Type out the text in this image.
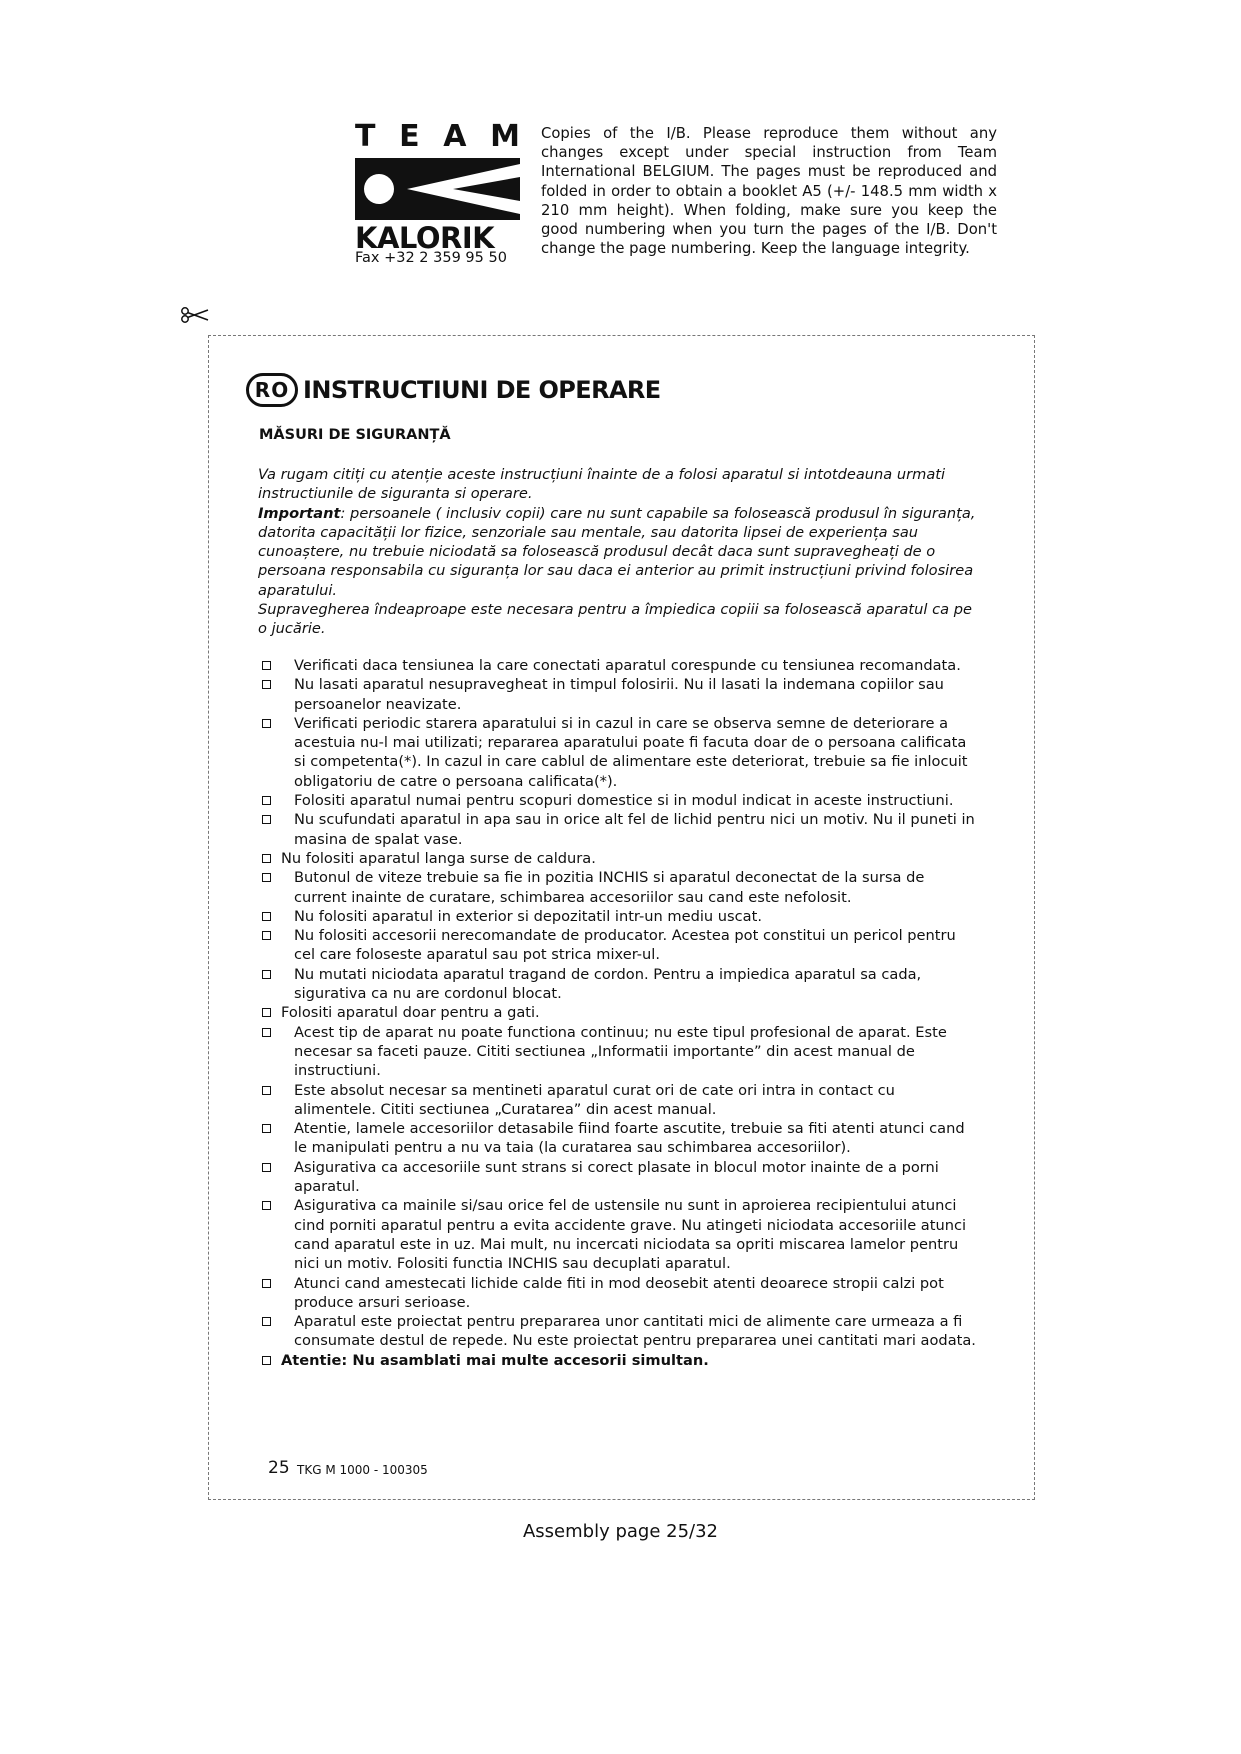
T E A M
KALORIK
Fax +32 2 359 95 50
Copies of the I/B. Please reproduce them without any changes except under special instruction from Team International BELGIUM. The pages must be reproduced and folded in order to obtain a booklet A5 (+/- 148.5 mm width x 210 mm height). When folding, make sure you keep the good numbering when you turn the pages of the I/B. Don't change the page numbering. Keep the language integrity.
RO INSTRUCTIUNI DE OPERARE
MĂSURI DE SIGURANȚĂ

Va rugam citiți cu atenție aceste instrucțiuni înainte de a folosi aparatul si intotdeauna urmati instructiunile de siguranta si operare.

Important: persoanele ( inclusiv copii) care nu sunt capabile sa folosească produsul în siguranța, datorita capacității lor fizice, senzoriale sau mentale, sau datorita lipsei de experiența sau cunoaștere, nu trebuie niciodată sa folosească produsul decât daca sunt supravegheați de o persoana responsabila cu siguranța lor sau daca ei anterior au primit instrucțiuni privind folosirea aparatului.

Supravegherea îndeaproape este necesara pentru a împiedica copiii sa folosească aparatul ca pe o jucărie.

Verificati daca tensiunea la care conectati aparatul corespunde cu tensiunea recomandata.
Nu lasati aparatul nesupravegheat in timpul folosirii. Nu il lasati la indemana copiilor sau persoanelor neavizate.
Verificati periodic starera aparatului si in cazul in care se observa semne de deteriorare a acestuia nu-l mai utilizati; repararea aparatului poate fi facuta doar de o persoana calificata si competenta(*). In cazul in care cablul de alimentare este deteriorat, trebuie sa fie inlocuit obligatoriu de catre o persoana calificata(*).
Folositi aparatul numai pentru scopuri domestice si in modul indicat in aceste instructiuni.
Nu scufundati aparatul in apa sau in orice alt fel de lichid pentru nici un motiv. Nu il puneti in masina de spalat vase.
Nu folositi aparatul langa surse de caldura.
Butonul de viteze trebuie sa fie in pozitia INCHIS si aparatul deconectat de la sursa de current inainte de curatare, schimbarea accesoriilor sau cand este nefolosit.
Nu folositi aparatul in exterior si depozitatil intr-un mediu uscat.
Nu folositi accesorii nerecomandate de producator. Acestea pot constitui un pericol pentru cel care foloseste aparatul sau pot strica mixer-ul.
Nu mutati niciodata aparatul tragand de cordon. Pentru a impiedica aparatul sa cada, sigurativa ca nu are cordonul blocat.
Folositi aparatul doar pentru a gati.
Acest tip de aparat nu poate functiona continuu; nu este tipul profesional de aparat. Este necesar sa faceti pauze. Cititi sectiunea „Informatii importante” din acest manual de instructiuni.
Este absolut necesar sa mentineti aparatul curat ori de cate ori intra in contact cu alimentele. Cititi sectiunea „Curatarea” din acest manual.
Atentie, lamele accesoriilor detasabile fiind foarte ascutite, trebuie sa fiti atenti atunci cand le manipulati pentru a nu va taia (la curatarea sau schimbarea accesoriilor).
Asigurativa ca accesoriile sunt strans si corect plasate in blocul motor inainte de a porni aparatul.
Asigurativa ca mainile si/sau orice fel de ustensile nu sunt in aproierea recipientului atunci cind porniti aparatul pentru a evita accidente grave. Nu atingeti niciodata accesoriile atunci cand aparatul este in uz. Mai mult, nu incercati niciodata sa opriti miscarea lamelor pentru nici un motiv. Folositi functia INCHIS sau decuplati aparatul.
Atunci cand amestecati lichide calde fiti in mod deosebit atenti deoarece stropii calzi pot produce arsuri serioase.
Aparatul este proiectat pentru prepararea unor cantitati mici de alimente care urmeaza a fi consumate destul de repede. Nu este proiectat pentru prepararea unei cantitati mari aodata.
Atentie: Nu asamblati mai multe accesorii simultan.
25 TKG M 1000 - 100305
Assembly page 25/32
